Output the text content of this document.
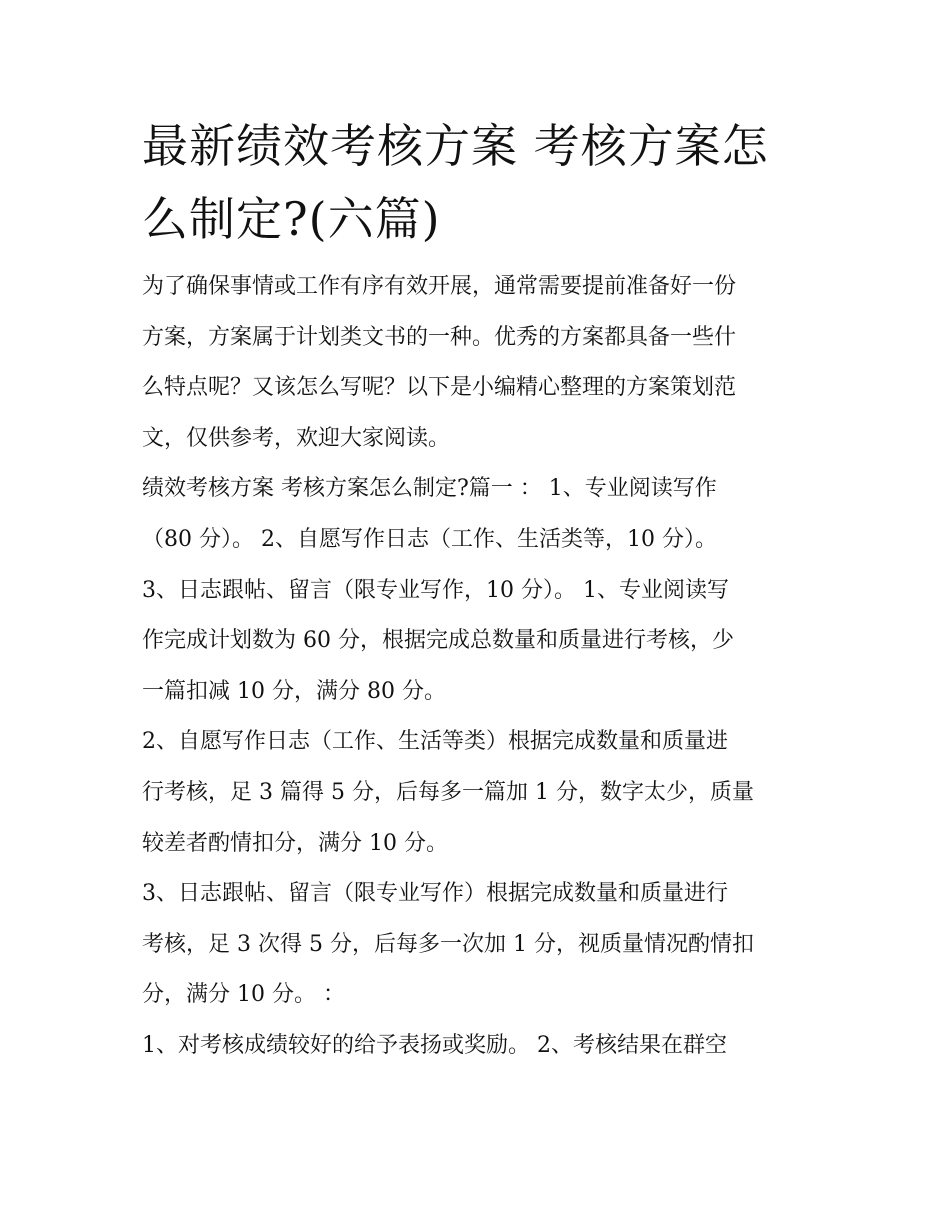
最新绩效考核方案 考核方案怎
么制定?(六篇)

为了确保事情或工作有序有效开展，通常需要提前准备好一份
方案，方案属于计划类文书的一种。优秀的方案都具备一些什
么特点呢？又该怎么写呢？以下是小编精心整理的方案策划范
文，仅供参考，欢迎大家阅读。

绩效考核方案 考核方案怎么制定?篇一 ： 1、专业阅读写作
（80 分）。 2、自愿写作日志（工作、生活类等，10 分）。
3、日志跟帖、留言（限专业写作，10 分）。 1、专业阅读写
作完成计划数为 60 分，根据完成总数量和质量进行考核，少
一篇扣减 10 分，满分 80 分。

2、自愿写作日志（工作、生活等类）根据完成数量和质量进
行考核，足 3 篇得 5 分，后每多一篇加 1 分，数字太少，质量
较差者酌情扣分，满分 10 分。

3、日志跟帖、留言（限专业写作）根据完成数量和质量进行
考核，足 3 次得 5 分，后每多一次加 1 分，视质量情况酌情扣
分，满分 10 分。 ：

1、对考核成绩较好的给予表扬或奖励。 2、考核结果在群空
